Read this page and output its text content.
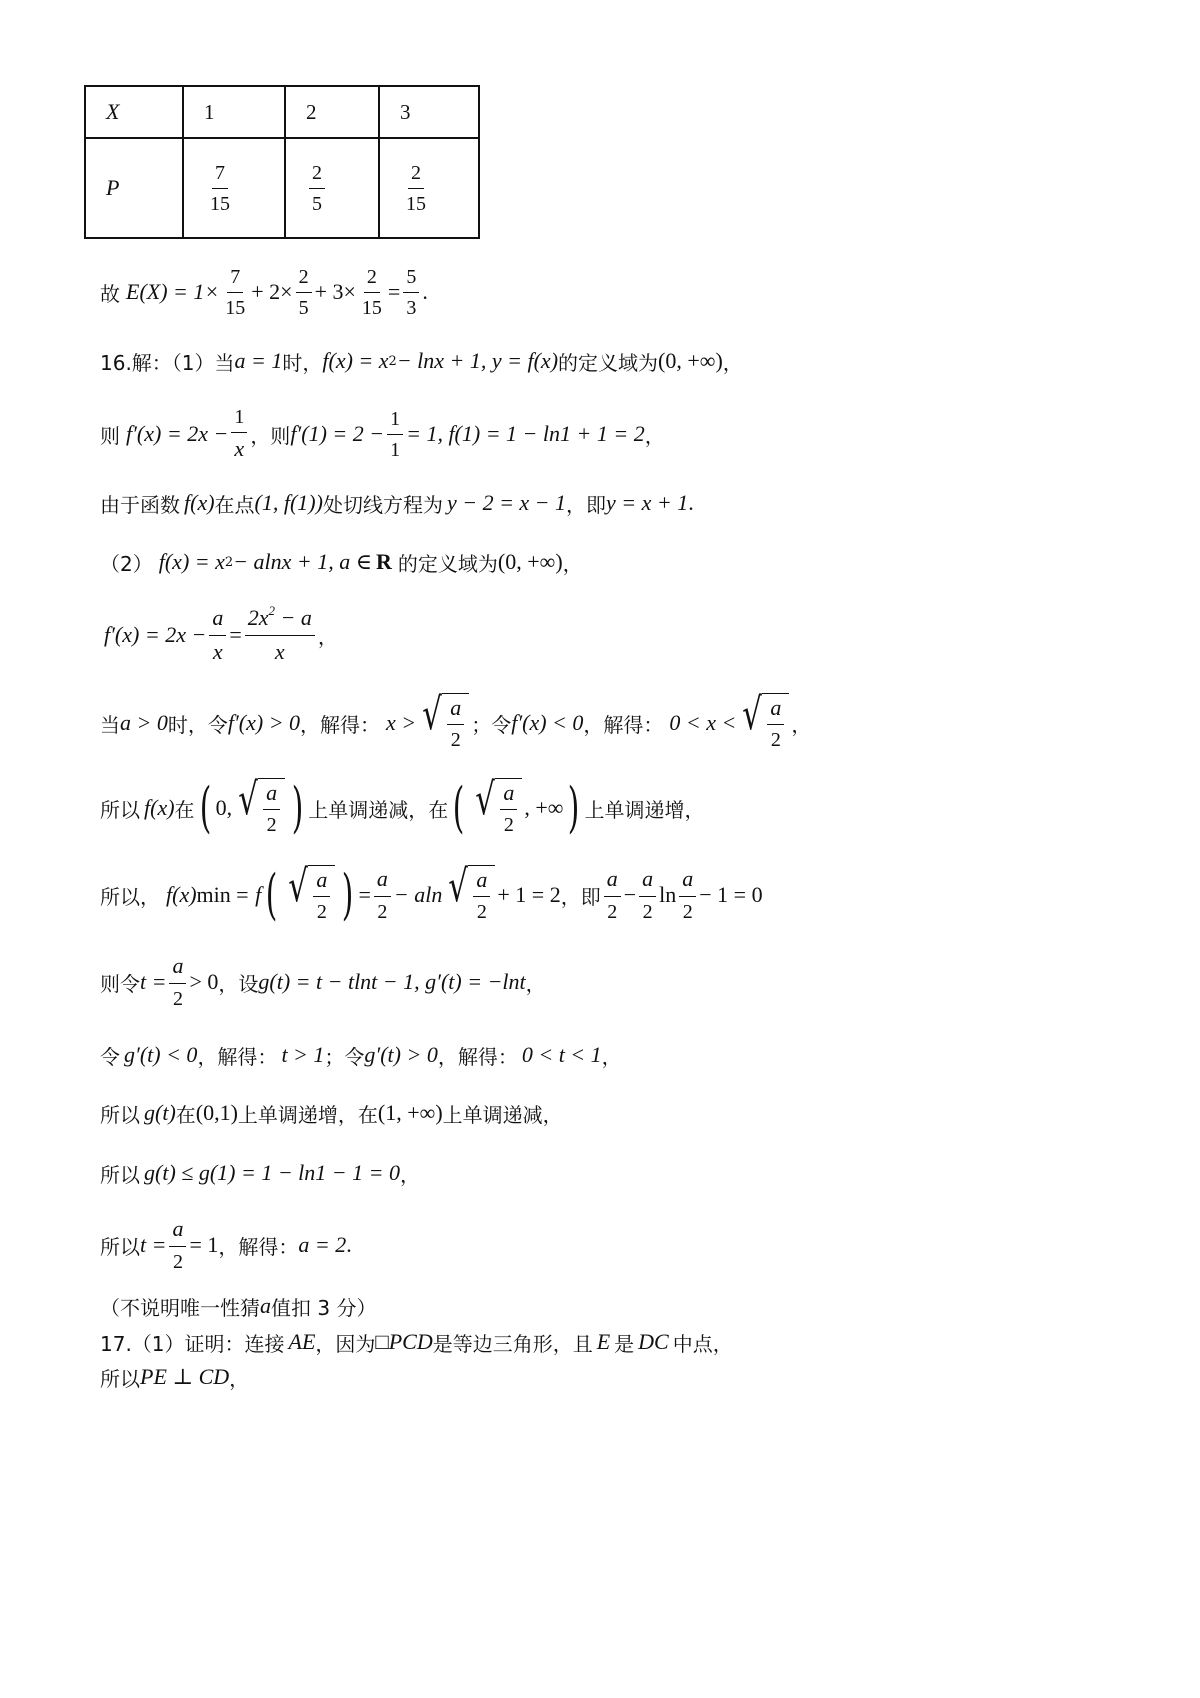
X	1	2	3
P	$\frac{7}{15}$	$\frac{2}{5}$	$\frac{2}{15}$
故 $E(X) = 1\times \frac{7}{15} + 2\times \frac{2}{5} + 3\times \frac{2}{15} = \frac{5}{3}$ .
16.解：（1）当 a = 1 时， f(x) = x 2 − lnx + 1, y = f(x) 的定义域为 (0, +∞) ，
则 $f'(x) = 2x - \frac{1}{x}$ ，则 $f'(1) = 2 - \frac{1}{1} = 1$, f(1) = 1 − ln1 + 1 = 2 ，
由于函数 f(x) 在点 (1, f(1)) 处切线方程为 y − 2 = x − 1 ，即 y = x + 1 .
（2） f(x) = x 2 − alnx + 1, a ∈ R 的定义域为 (0, +∞) ，
$f'(x) = 2x - \frac{a}{x} = \frac{2x^2 - a}{x}$ ，
当 a > 0 时，令 f′(x) > 0 ，解得： x > √ $\frac{a}{2}$ ；令 f′(x) < 0 ，解得： 0 < x < √ $\frac{a}{2}$ ，
所以 f(x) 在 ( 0, √ $\frac{a}{2}$ ) 上单调递减，在 ( √ $\frac{a}{2}$ , +∞ ) 上单调递增，
所以， f(x) min = f ( √ $\frac{a}{2}$ ) = $\frac{a}{2} - aln$ √ $\frac{a}{2} + 1 = 2$ ，即 $\frac{a}{2} - \frac{a}{2}$ $\ln \frac{a}{2} - 1 = 0$
则令 $t = \frac{a}{2} > 0$ ，设 g(t) = t − tlnt − 1, g′(t) = −lnt ，
令 g′(t) < 0 ，解得： t > 1 ；令 g′(t) > 0 ，解得： 0 < t < 1 ，
所以 g(t) 在 (0,1) 上单调递增，在 (1, +∞) 上单调递减，
所以 g(t) ≤ g(1) = 1 − ln1 − 1 = 0 ，
所以 $t = \frac{a}{2} = 1$ ，解得： a = 2 .
（不说明唯一性猜 a 值扣 3 分）
17.（1）证明：连接 AE ，因为 □ PCD 是等边三角形，且 E 是 DC 中点，
所以 PE ⊥ CD ，
